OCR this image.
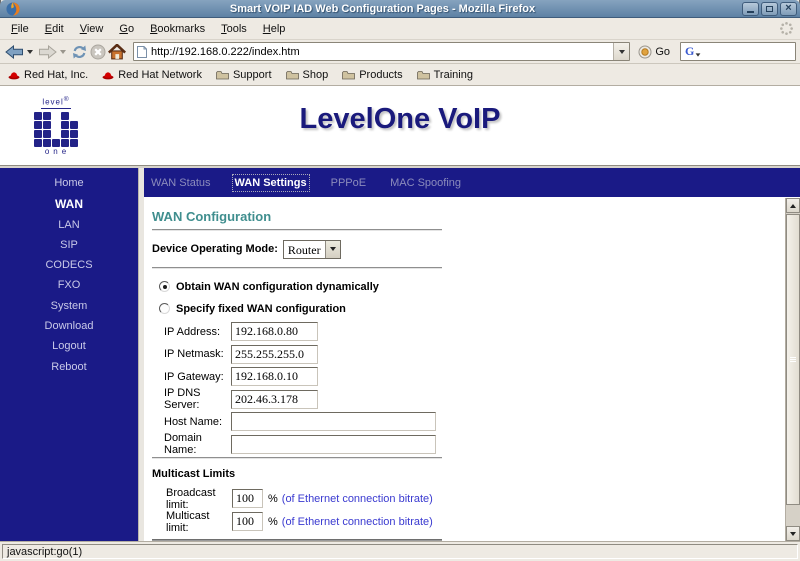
Smart VOIP IAD Web Configuration Pages - Mozilla Firefox	×
File	Edit	View	Go	Bookmarks	Tools	Help
http://192.168.0.222/index.htm
Go	G
Red Hat, Inc.	Red Hat Network	Support	Shop	Products	Training
level®
one
LevelOne VoIP
Home
WAN
LAN
SIP
CODECS
FXO
System
Download
Logout
Reboot
WAN Status WAN Settings PPPoE MAC Spoofing
WAN Configuration
Device Operating Mode: Router
Obtain WAN configuration dynamically
Specify fixed WAN configuration
IP Address:
192.168.0.80
IP Netmask:
255.255.255.0
IP Gateway:
192.168.0.10
IP DNS Server:
202.46.3.178
Host Name:
Domain Name:
Multicast Limits
Broadcast limit:
100	% (of Ethernet connection bitrate)
Multicast limit:
100	% (of Ethernet connection bitrate)
javascript:go(1)
